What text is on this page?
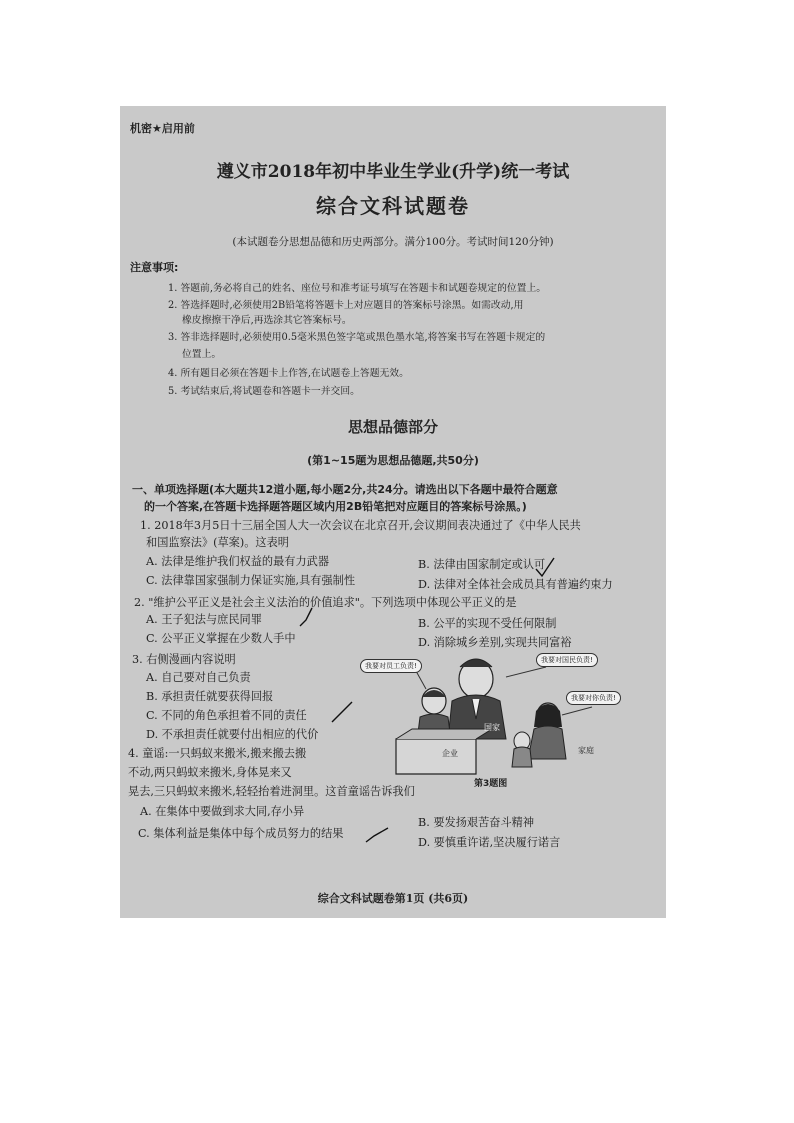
机密★启用前
遵义市2018年初中毕业生学业(升学)统一考试
综合文科试题卷
(本试题卷分思想品德和历史两部分。满分100分。考试时间120分钟)
注意事项:
1. 答题前,务必将自己的姓名、座位号和准考证号填写在答题卡和试题卷规定的位置上。
2. 答选择题时,必须使用2B铅笔将答题卡上对应题目的答案标号涂黑。如需改动,用
橡皮擦擦干净后,再选涂其它答案标号。
3. 答非选择题时,必须使用0.5毫米黑色签字笔或黑色墨水笔,将答案书写在答题卡规定的
位置上。
4. 所有题目必须在答题卡上作答,在试题卷上答题无效。
5. 考试结束后,将试题卷和答题卡一并交回。
思想品德部分
(第1~15题为思想品德题,共50分)
一、单项选择题(本大题共12道小题,每小题2分,共24分。请选出以下各题中最符合题意
的一个答案,在答题卡选择题答题区域内用2B铅笔把对应题目的答案标号涂黑。)
1. 2018年3月5日十三届全国人大一次会议在北京召开,会议期间表决通过了《中华人民共
和国监察法》(草案)。这表明
A. 法律是维护我们权益的最有力武器	B. 法律由国家制定或认可
C. 法律靠国家强制力保证实施,具有强制性	D. 法律对全体社会成员具有普遍约束力
2. "维护公平正义是社会主义法治的价值追求"。下列选项中体现公平正义的是
A. 王子犯法与庶民同罪	B. 公平的实现不受任何限制
C. 公平正义掌握在少数人手中	D. 消除城乡差别,实现共同富裕
3. 右侧漫画内容说明
A. 自己要对自己负责
B. 承担责任就要获得回报
C. 不同的角色承担着不同的责任
D. 不承担责任就要付出相应的代价
我要对员工负责!
我要对国民负责!
我要对你负责!
企业
国家
家庭
第3题图
4. 童谣:一只蚂蚁来搬米,搬来搬去搬
不动,两只蚂蚁来搬米,身体晃来又
晃去,三只蚂蚁来搬米,轻轻抬着进洞里。这首童谣告诉我们
A. 在集体中要做到求大同,存小异
B. 要发扬艰苦奋斗精神
C. 集体利益是集体中每个成员努力的结果
D. 要慎重许诺,坚决履行诺言
综合文科试题卷第1页 (共6页)
